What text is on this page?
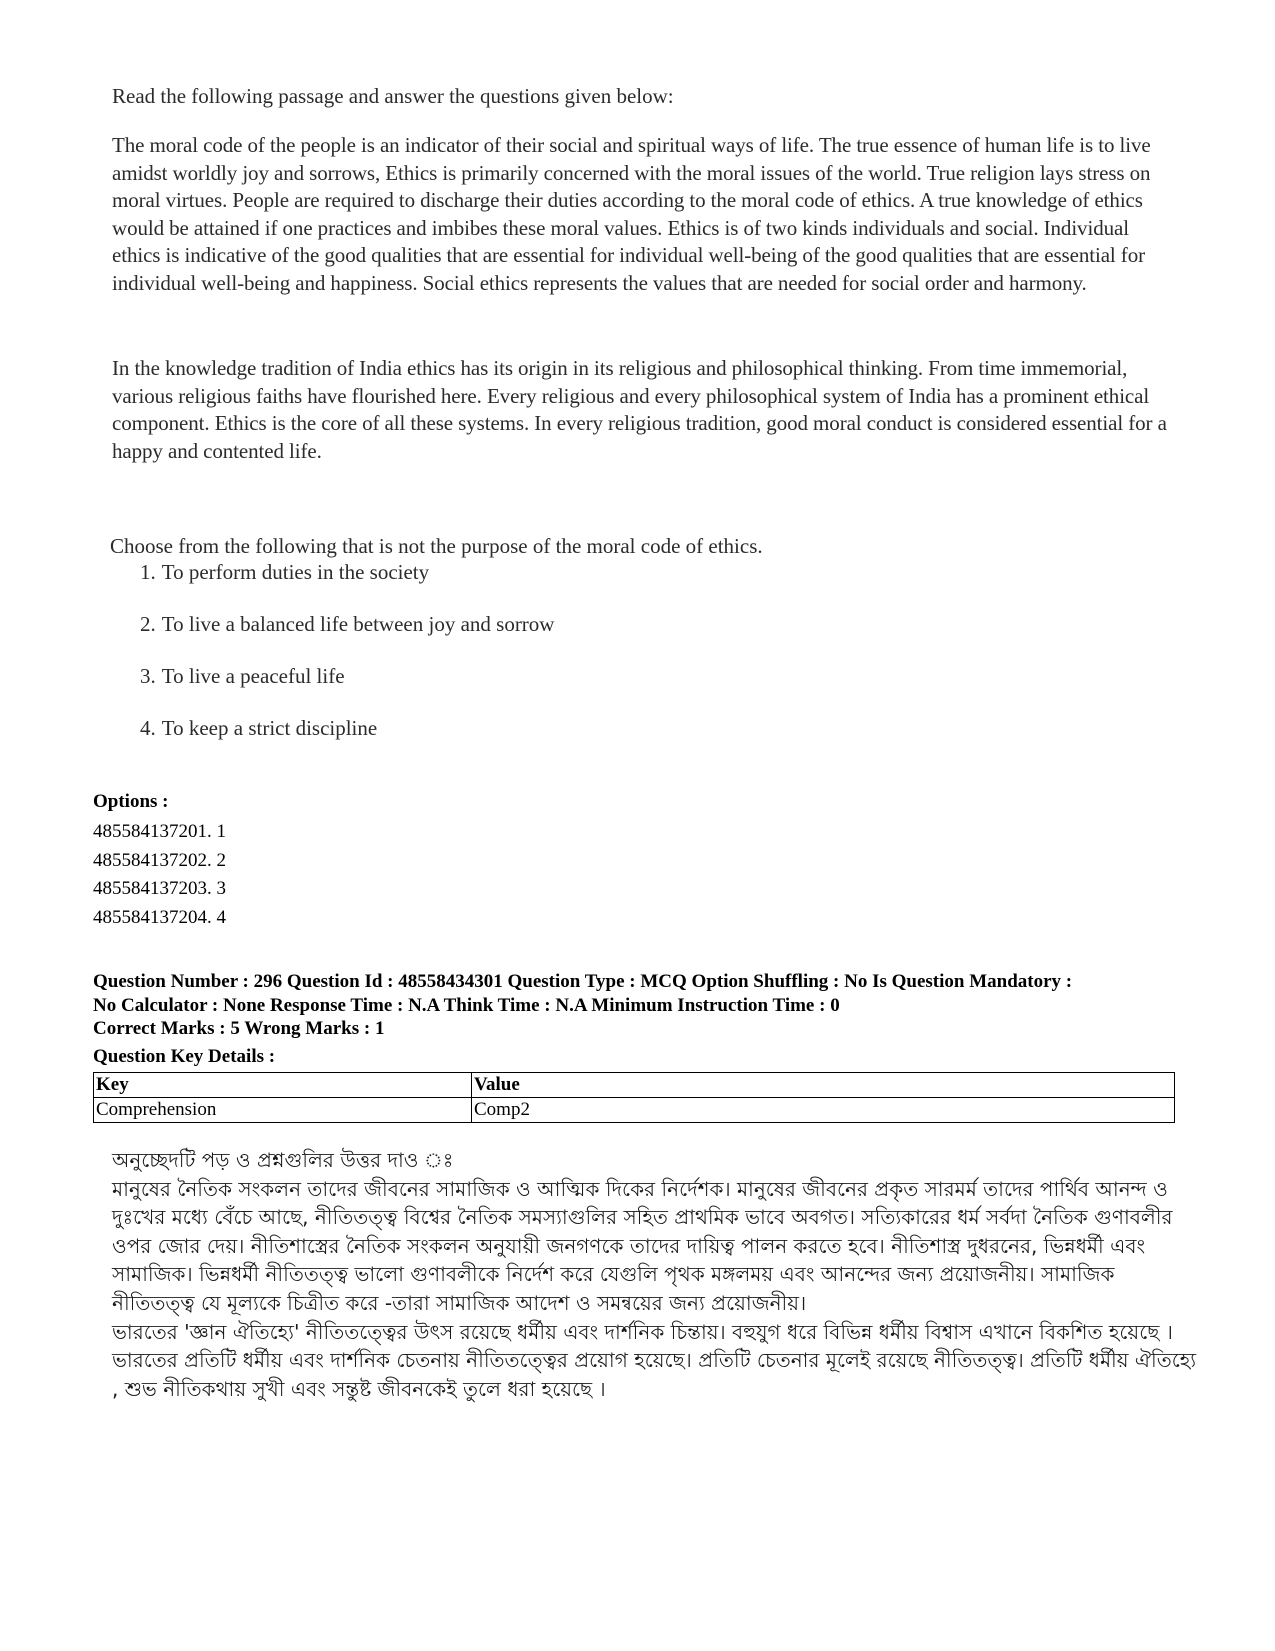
Read the following passage and answer the questions given below:

The moral code of the people is an indicator of their social and spiritual ways of life. The true essence of human life is to live amidst worldly joy and sorrows, Ethics is primarily concerned with the moral issues of the world. True religion lays stress on moral virtues. People are required to discharge their duties according to the moral code of ethics. A true knowledge of ethics would be attained if one practices and imbibes these moral values. Ethics is of two kinds individuals and social. Individual ethics is indicative of the good qualities that are essential for individual well-being of the good qualities that are essential for individual well-being and happiness. Social ethics represents the values that are needed for social order and harmony.

In the knowledge tradition of India ethics has its origin in its religious and philosophical thinking. From time immemorial, various religious faiths have flourished here. Every religious and every philosophical system of India has a prominent ethical component. Ethics is the core of all these systems. In every religious tradition, good moral conduct is considered essential for a happy and contented life.

Choose from the following that is not the purpose of the moral code of ethics.
1. To perform duties in the society
2. To live a balanced life between joy and sorrow
3. To live a peaceful life
4. To keep a strict discipline
Options :
485584137201. 1
485584137202. 2
485584137203. 3
485584137204. 4
Question Number : 296 Question Id : 48558434301 Question Type : MCQ Option Shuffling : No Is Question Mandatory :
No Calculator : None Response Time : N.A Think Time : N.A Minimum Instruction Time : 0
Correct Marks : 5 Wrong Marks : 1
Question Key Details :
Key	Value
Comprehension	Comp2

অনুচ্ছেদটি পড় ও প্রশ্নগুলির উত্তর দাও ঃ

মানুষের নৈতিক সংকলন তাদের জীবনের সামাজিক ও আত্মিক দিকের নির্দেশক। মানুষের জীবনের প্রকৃত সারমর্ম তাদের পার্থিব আনন্দ ও দুঃখের মধ্যে বেঁচে আছে, নীতিতত্ত্ব বিশ্বের নৈতিক সমস্যাগুলির সহিত প্রাথমিক ভাবে অবগত। সত্যিকারের ধর্ম সর্বদা নৈতিক গুণাবলীর ওপর জোর দেয়। নীতিশাস্ত্রের নৈতিক সংকলন অনুযায়ী জনগণকে তাদের দায়িত্ব পালন করতে হবে। নীতিশাস্ত্র দুধরনের, ভিন্নধর্মী এবং সামাজিক। ভিন্নধর্মী নীতিতত্ত্ব ভালো গুণাবলীকে নির্দেশ করে যেগুলি পৃথক মঙ্গলময় এবং আনন্দের জন্য প্রয়োজনীয়। সামাজিক নীতিতত্ত্ব যে মূল্যকে চিত্রীত করে -তারা সামাজিক আদেশ ও সমন্বয়ের জন্য প্রয়োজনীয়।

ভারতের 'জ্ঞান ঐতিহ্যে' নীতিতত্ত্বের উৎস রয়েছে ধর্মীয় এবং দার্শনিক চিন্তায়। বহুযুগ ধরে বিভিন্ন ধর্মীয় বিশ্বাস এখানে বিকশিত হয়েছে । ভারতের প্রতিটি ধর্মীয় এবং দার্শনিক চেতনায় নীতিতত্ত্বের প্রয়োগ হয়েছে। প্রতিটি চেতনার মূলেই রয়েছে নীতিতত্ত্ব। প্রতিটি ধর্মীয় ঐতিহ্যে , শুভ নীতিকথায় সুখী এবং সন্তুষ্ট জীবনকেই তুলে ধরা হয়েছে ।
